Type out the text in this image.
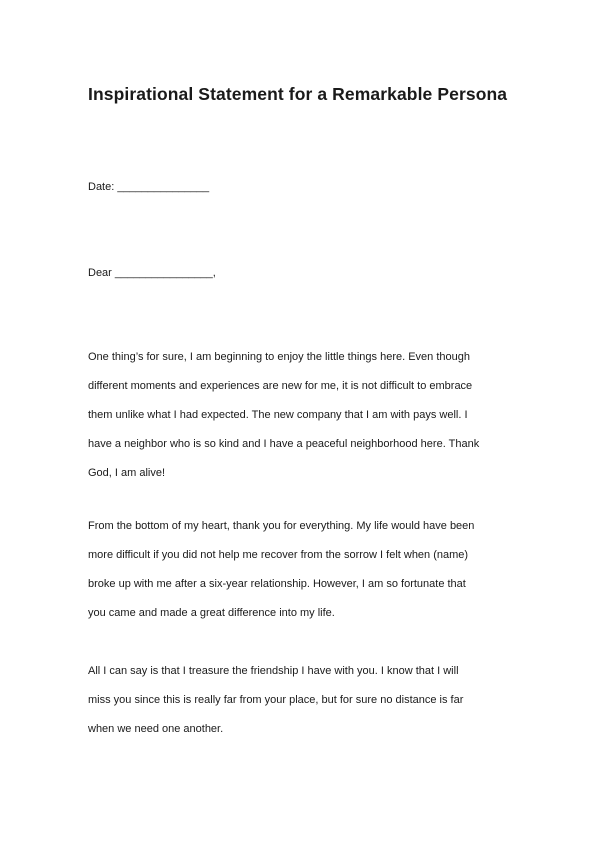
Inspirational Statement for a Remarkable Persona
Date: _______________
Dear ________________,
One thing’s for sure, I am beginning to enjoy the little things here. Even though
different moments and experiences are new for me, it is not difficult to embrace
them unlike what I had expected. The new company that I am with pays well. I
have a neighbor who is so kind and I have a peaceful neighborhood here. Thank
God, I am alive!
From the bottom of my heart, thank you for everything. My life would have been
more difficult if you did not help me recover from the sorrow I felt when (name)
broke up with me after a six-year relationship. However, I am so fortunate that
you came and made a great difference into my life.
All I can say is that I treasure the friendship I have with you. I know that I will
miss you since this is really far from your place, but for sure no distance is far
when we need one another.
